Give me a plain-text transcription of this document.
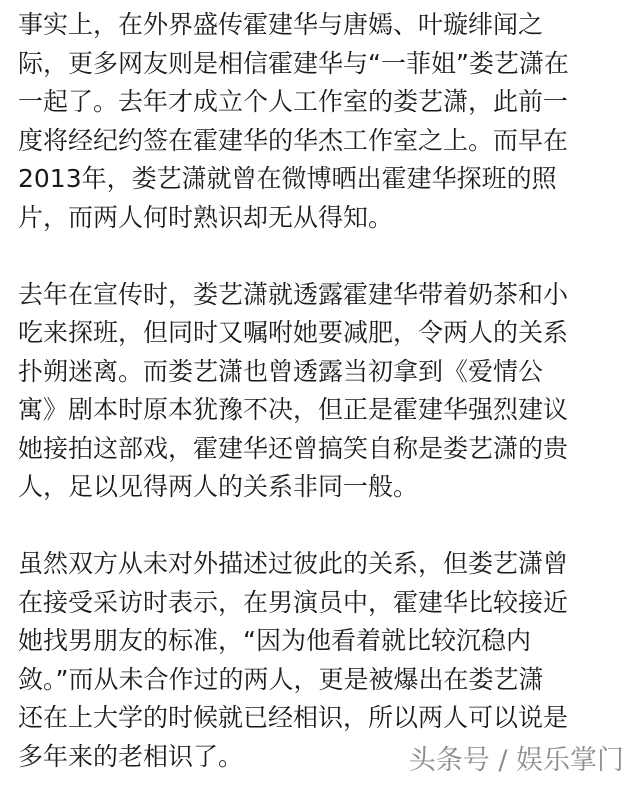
事实上，在外界盛传霍建华与唐嫣、叶璇绯闻之
际，更多网友则是相信霍建华与“一菲姐”娄艺潇在
一起了。去年才成立个人工作室的娄艺潇，此前一
度将经纪约签在霍建华的华杰工作室之上。而早在
2013年，娄艺潇就曾在微博晒出霍建华探班的照
片，而两人何时熟识却无从得知。
去年在宣传时，娄艺潇就透露霍建华带着奶茶和小
吃来探班，但同时又嘱咐她要减肥，令两人的关系
扑朔迷离。而娄艺潇也曾透露当初拿到《爱情公
寓》剧本时原本犹豫不决，但正是霍建华强烈建议
她接拍这部戏，霍建华还曾搞笑自称是娄艺潇的贵
人，足以见得两人的关系非同一般。
虽然双方从未对外描述过彼此的关系，但娄艺潇曾
在接受采访时表示，在男演员中，霍建华比较接近
她找男朋友的标准，“因为他看着就比较沉稳内
敛。”而从未合作过的两人，更是被爆出在娄艺潇
还在上大学的时候就已经相识，所以两人可以说是
多年来的老相识了。	头条号 / 娱乐掌门
